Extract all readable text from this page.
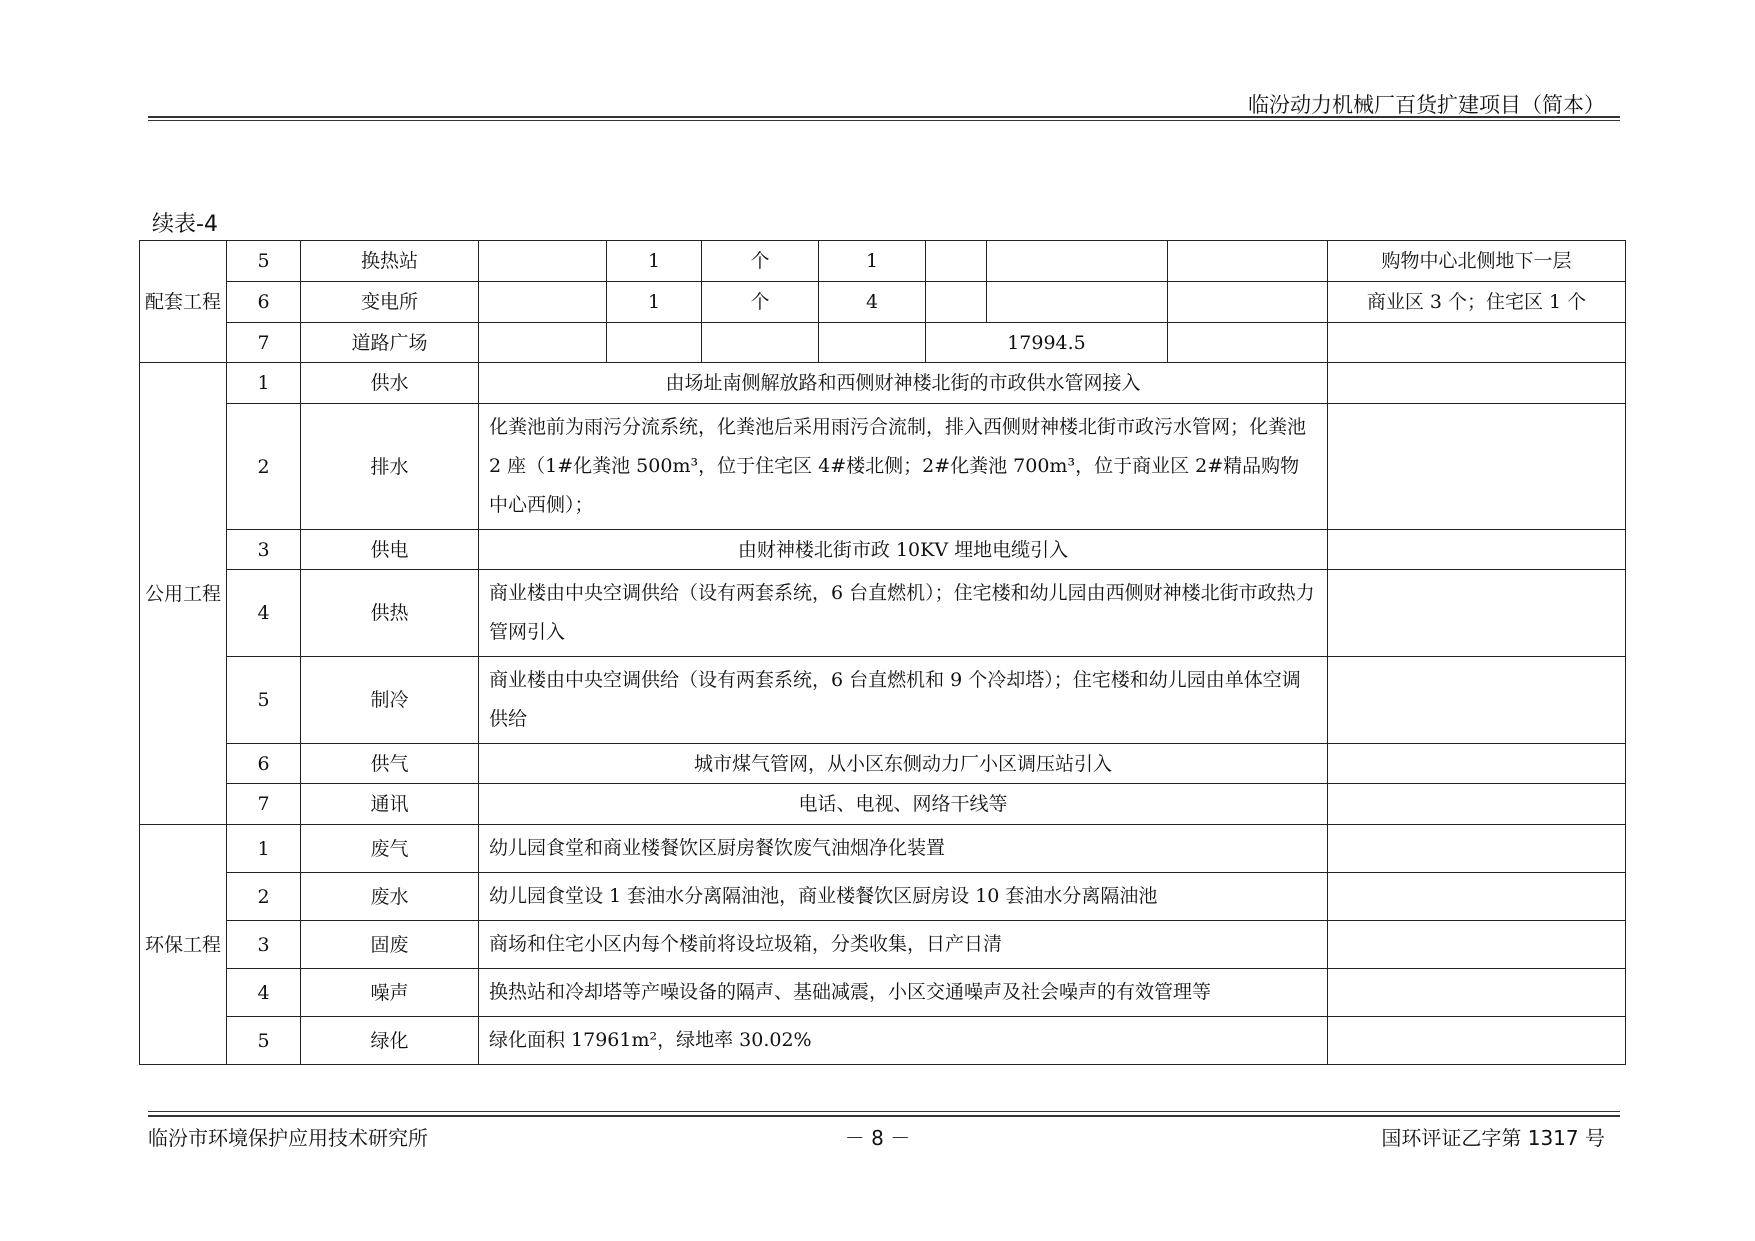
临汾动力机械厂百货扩建项目（简本）
续表-4
配套工程	5	换热站		1	个	1				购物中心北侧地下一层
	6	变电所		1	个	4				商业区 3 个；住宅区 1 个
	7	道路广场					17994.5			
公用工程	1	供水	由场址南侧解放路和西侧财神楼北街的市政供水管网接入							
	2	排水	化粪池前为雨污分流系统，化粪池后采用雨污合流制，排入西侧财神楼北街市政污水管网；化粪池 2 座（1#化粪池 500m³，位于住宅区 4#楼北侧；2#化粪池 700m³，位于商业区 2#精品购物中心西侧）；							
	3	供电	由财神楼北街市政 10KV 埋地电缆引入							
	4	供热	商业楼由中央空调供给（设有两套系统，6 台直燃机）；住宅楼和幼儿园由西侧财神楼北街市政热力管网引入							
	5	制冷	商业楼由中央空调供给（设有两套系统，6 台直燃机和 9 个冷却塔）；住宅楼和幼儿园由单体空调供给							
	6	供气	城市煤气管网，从小区东侧动力厂小区调压站引入							
	7	通讯	电话、电视、网络干线等							
环保工程	1	废气	幼儿园食堂和商业楼餐饮区厨房餐饮废气油烟净化装置							
	2	废水	幼儿园食堂设 1 套油水分离隔油池，商业楼餐饮区厨房设 10 套油水分离隔油池							
	3	固废	商场和住宅小区内每个楼前将设垃圾箱，分类收集，日产日清							
	4	噪声	换热站和冷却塔等产噪设备的隔声、基础减震，小区交通噪声及社会噪声的有效管理等							
	5	绿化	绿化面积 17961m²，绿地率 30.02%							
临汾市环境保护应用技术研究所	－ 8 －	国环评证乙字第 1317 号
